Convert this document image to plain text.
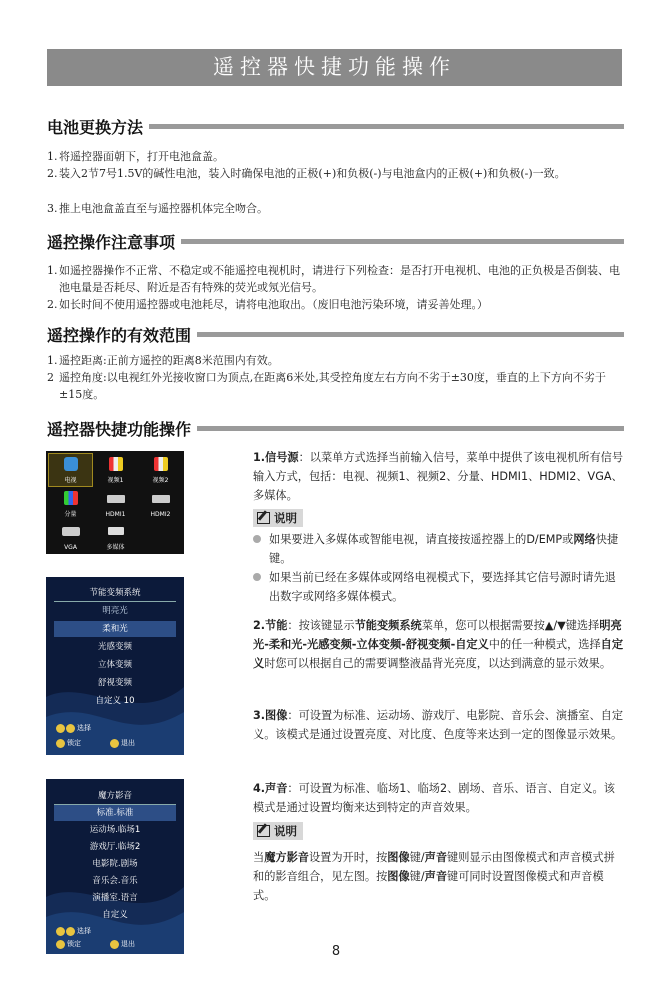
遥控器快捷功能操作
电池更换方法
1. 将遥控器面朝下，打开电池盒盖。
2. 装入2节7号1.5V的碱性电池，装入时确保电池的正极(+)和负极(-)与电池盒内的正极(+)和负极(-)一致。
3. 推上电池盒盖直至与遥控器机体完全吻合。
遥控操作注意事项
1. 如遥控器操作不正常、不稳定或不能遥控电视机时，请进行下列检查：是否打开电视机、电池的正负极是否倒装、电池电量是否耗尽、附近是否有特殊的荧光或氖光信号。
2. 如长时间不使用遥控器或电池耗尽，请将电池取出。（废旧电池污染环境，请妥善处理。）
遥控操作的有效范围
1. 遥控距离:正前方遥控的距离8米范围内有效。
2 遥控角度:以电视红外光接收窗口为顶点,在距离6米处,其受控角度左右方向不劣于±30度，垂直的上下方向不劣于±15度。
遥控器快捷功能操作
电视	视频1	视频2
分量	HDMI1	HDMI2
VGA	多媒体
节能变频系统
明亮光
柔和光
光感变频
立体变频
舒视变频
自定义 10
选择
锁定	退出
魔方影音
标准.标准
运动场.临场1
游戏厅.临场2
电影院.剧场
音乐会.音乐
演播室.语言
自定义
选择
锁定	退出
1.信号源：以菜单方式选择当前输入信号，菜单中提供了该电视机所有信号输入方式，包括：电视、视频1、视频2、分量、HDMI1、HDMI2、VGA、多媒体。
说明
如果要进入多媒体或智能电视，请直接按遥控器上的D/EMP或网络快捷键。
如果当前已经在多媒体或网络电视模式下，要选择其它信号源时请先退出数字或网络多媒体模式。
2.节能：按该键显示节能变频系统菜单，您可以根据需要按▲/▼键选择明亮光-柔和光-光感变频-立体变频-舒视变频-自定义中的任一种模式，选择自定义时您可以根据自己的需要调整液晶背光亮度，以达到满意的显示效果。
3.图像：可设置为标准、运动场、游戏厅、电影院、音乐会、演播室、自定义。该模式是通过设置亮度、对比度、色度等来达到一定的图像显示效果。
4.声音：可设置为标准、临场1、临场2、剧场、音乐、语言、自定义。该模式是通过设置均衡来达到特定的声音效果。
说明
当魔方影音设置为开时，按图像键/声音键则显示由图像模式和声音模式拼和的影音组合，见左图。按图像键/声音键可同时设置图像模式和声音模式。
8
